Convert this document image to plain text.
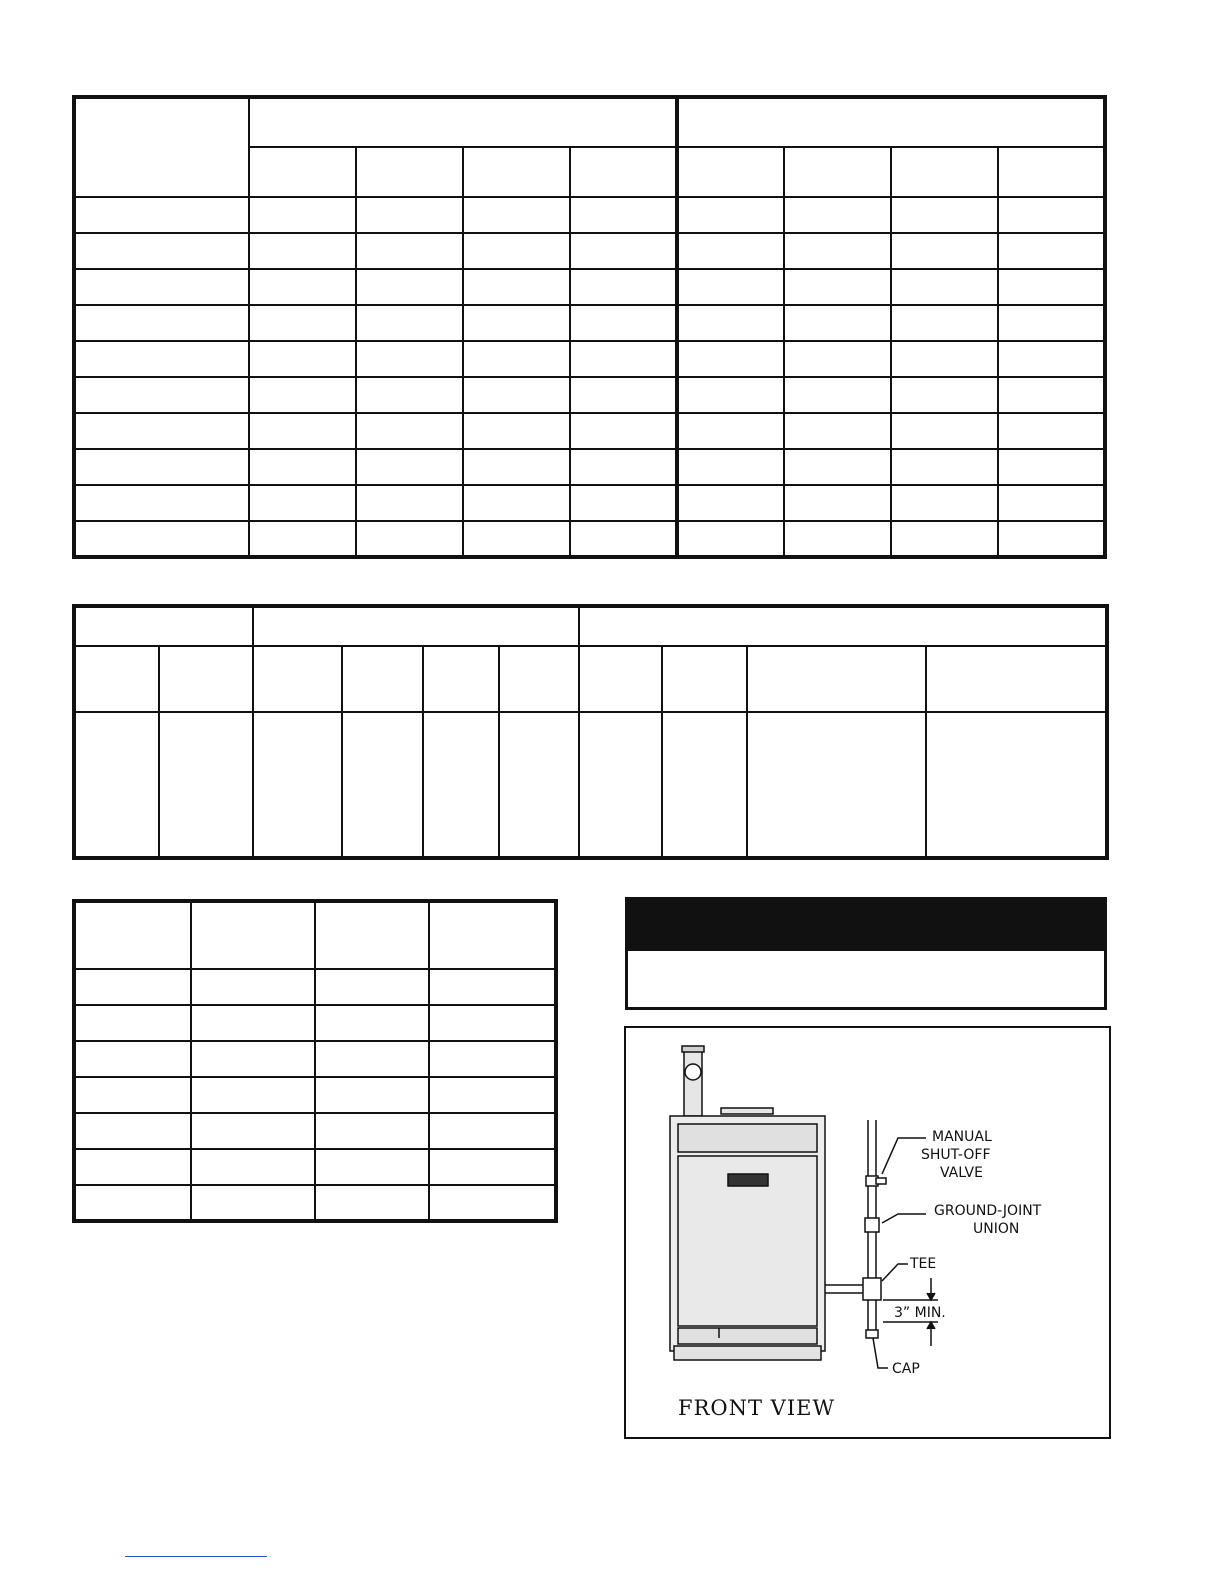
MANUAL
SHUT-OFF
VALVE
GROUND-JOINT
UNION
TEE
3” MIN.
CAP
FRONT VIEW
